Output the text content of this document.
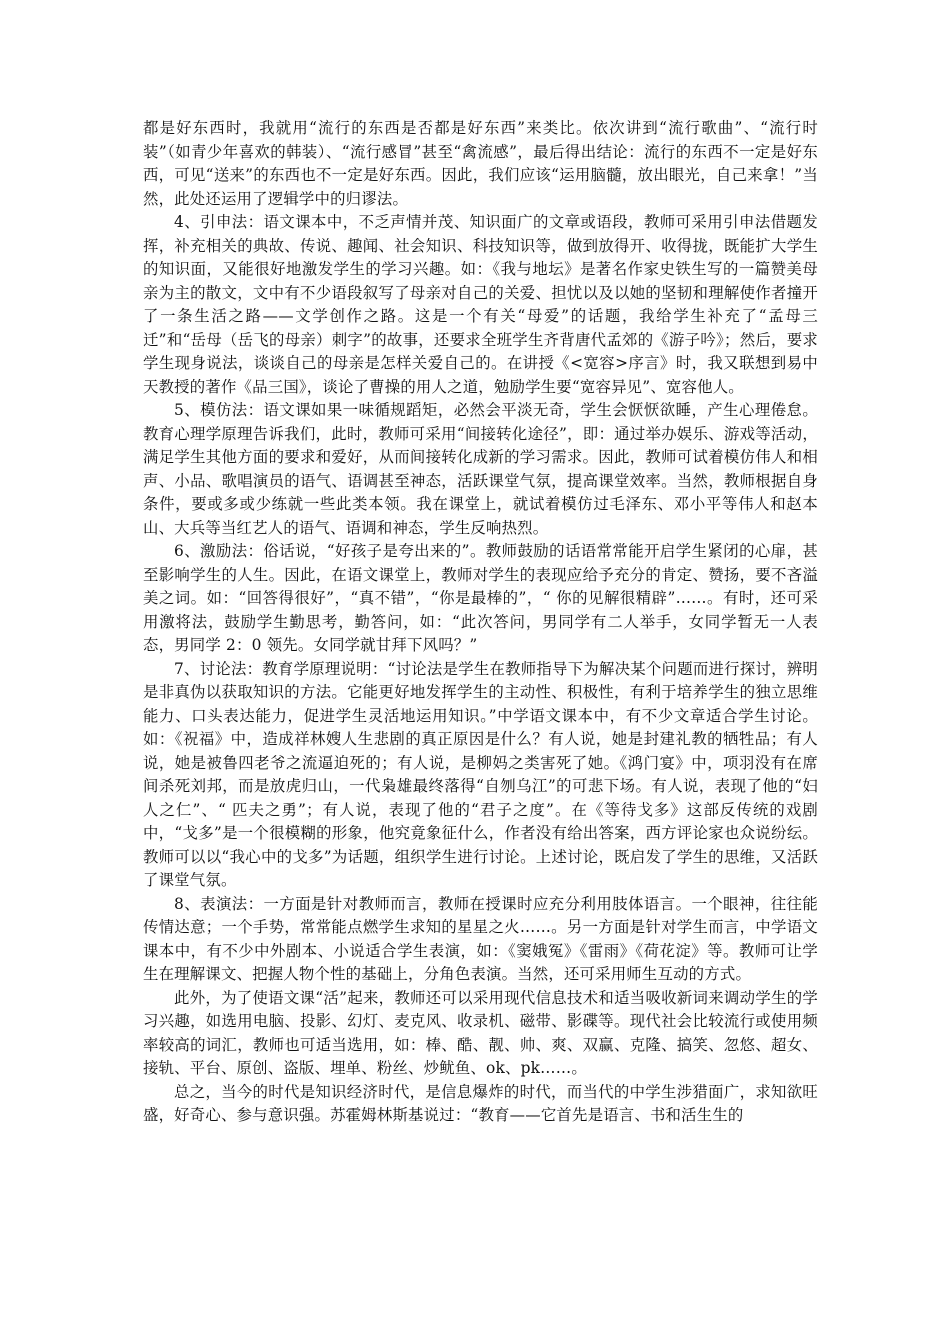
都是好东西时，我就用“流行的东西是否都是好东西”来类比。依次讲到“流行歌曲”、“流行时装”（如青少年喜欢的韩装）、“流行感冒”甚至“禽流感”，最后得出结论：流行的东西不一定是好东西，可见“送来”的东西也不一定是好东西。因此，我们应该“运用脑髓，放出眼光，自己来拿！”当然，此处还运用了逻辑学中的归谬法。

4、引申法：语文课本中，不乏声情并茂、知识面广的文章或语段，教师可采用引申法借题发挥，补充相关的典故、传说、趣闻、社会知识、科技知识等，做到放得开、收得拢，既能扩大学生的知识面，又能很好地激发学生的学习兴趣。如：《我与地坛》是著名作家史铁生写的一篇赞美母亲为主的散文，文中有不少语段叙写了母亲对自己的关爱、担忧以及以她的坚韧和理解使作者撞开了一条生活之路——文学创作之路。这是一个有关“母爱”的话题，我给学生补充了“孟母三迁”和“岳母（岳飞的母亲）刺字”的故事，还要求全班学生齐背唐代孟郊的《游子吟》；然后，要求学生现身说法，谈谈自己的母亲是怎样关爱自己的。在讲授《<宽容>序言》时，我又联想到易中天教授的著作《品三国》，谈论了曹操的用人之道，勉励学生要“宽容异见”、宽容他人。

5、模仿法：语文课如果一味循规蹈矩，必然会平淡无奇，学生会恹恹欲睡，产生心理倦怠。教育心理学原理告诉我们，此时，教师可采用“间接转化途径”，即：通过举办娱乐、游戏等活动，满足学生其他方面的要求和爱好，从而间接转化成新的学习需求。因此，教师可试着模仿伟人和相声、小品、歌唱演员的语气、语调甚至神态，活跃课堂气氛，提高课堂效率。当然，教师根据自身条件，要或多或少练就一些此类本领。我在课堂上，就试着模仿过毛泽东、邓小平等伟人和赵本山、大兵等当红艺人的语气、语调和神态，学生反响热烈。

6、激励法：俗话说，“好孩子是夸出来的”。教师鼓励的话语常常能开启学生紧闭的心扉，甚至影响学生的人生。因此，在语文课堂上，教师对学生的表现应给予充分的肯定、赞扬，要不吝溢美之词。如：“回答得很好”，“真不错”，“你是最棒的”，“ 你的见解很精辟”……。有时，还可采用激将法，鼓励学生勤思考，勤答问，如：“此次答问，男同学有二人举手，女同学暂无一人表态，男同学 2：0 领先。女同学就甘拜下风吗？”

7、讨论法：教育学原理说明：“讨论法是学生在教师指导下为解决某个问题而进行探讨，辨明是非真伪以获取知识的方法。它能更好地发挥学生的主动性、积极性，有利于培养学生的独立思维能力、口头表达能力，促进学生灵活地运用知识。”中学语文课本中，有不少文章适合学生讨论。如：《祝福》中，造成祥林嫂人生悲剧的真正原因是什么？有人说，她是封建礼教的牺牲品；有人说，她是被鲁四老爷之流逼迫死的；有人说，是柳妈之类害死了她。《鸿门宴》中，项羽没有在席间杀死刘邦，而是放虎归山，一代枭雄最终落得“自刎乌江”的可悲下场。有人说，表现了他的“妇人之仁”、“ 匹夫之勇”；有人说，表现了他的“君子之度”。在《等待戈多》这部反传统的戏剧中，“戈多”是一个很模糊的形象，他究竟象征什么，作者没有给出答案，西方评论家也众说纷纭。教师可以以“我心中的戈多”为话题，组织学生进行讨论。上述讨论，既启发了学生的思维，又活跃了课堂气氛。

8、表演法：一方面是针对教师而言，教师在授课时应充分利用肢体语言。一个眼神，往往能传情达意；一个手势，常常能点燃学生求知的星星之火……。另一方面是针对学生而言，中学语文课本中，有不少中外剧本、小说适合学生表演，如：《窦娥冤》《雷雨》《荷花淀》等。教师可让学生在理解课文、把握人物个性的基础上，分角色表演。当然，还可采用师生互动的方式。

此外，为了使语文课“活”起来，教师还可以采用现代信息技术和适当吸收新词来调动学生的学习兴趣，如选用电脑、投影、幻灯、麦克风、收录机、磁带、影碟等。现代社会比较流行或使用频率较高的词汇，教师也可适当选用，如：棒、酷、靓、帅、爽、双赢、克隆、搞笑、忽悠、超女、接轨、平台、原创、盗版、埋单、粉丝、炒鱿鱼、ok、pk……。

总之，当今的时代是知识经济时代，是信息爆炸的时代，而当代的中学生涉猎面广，求知欲旺盛，好奇心、参与意识强。苏霍姆林斯基说过：“教育——它首先是语言、书和活生生的
